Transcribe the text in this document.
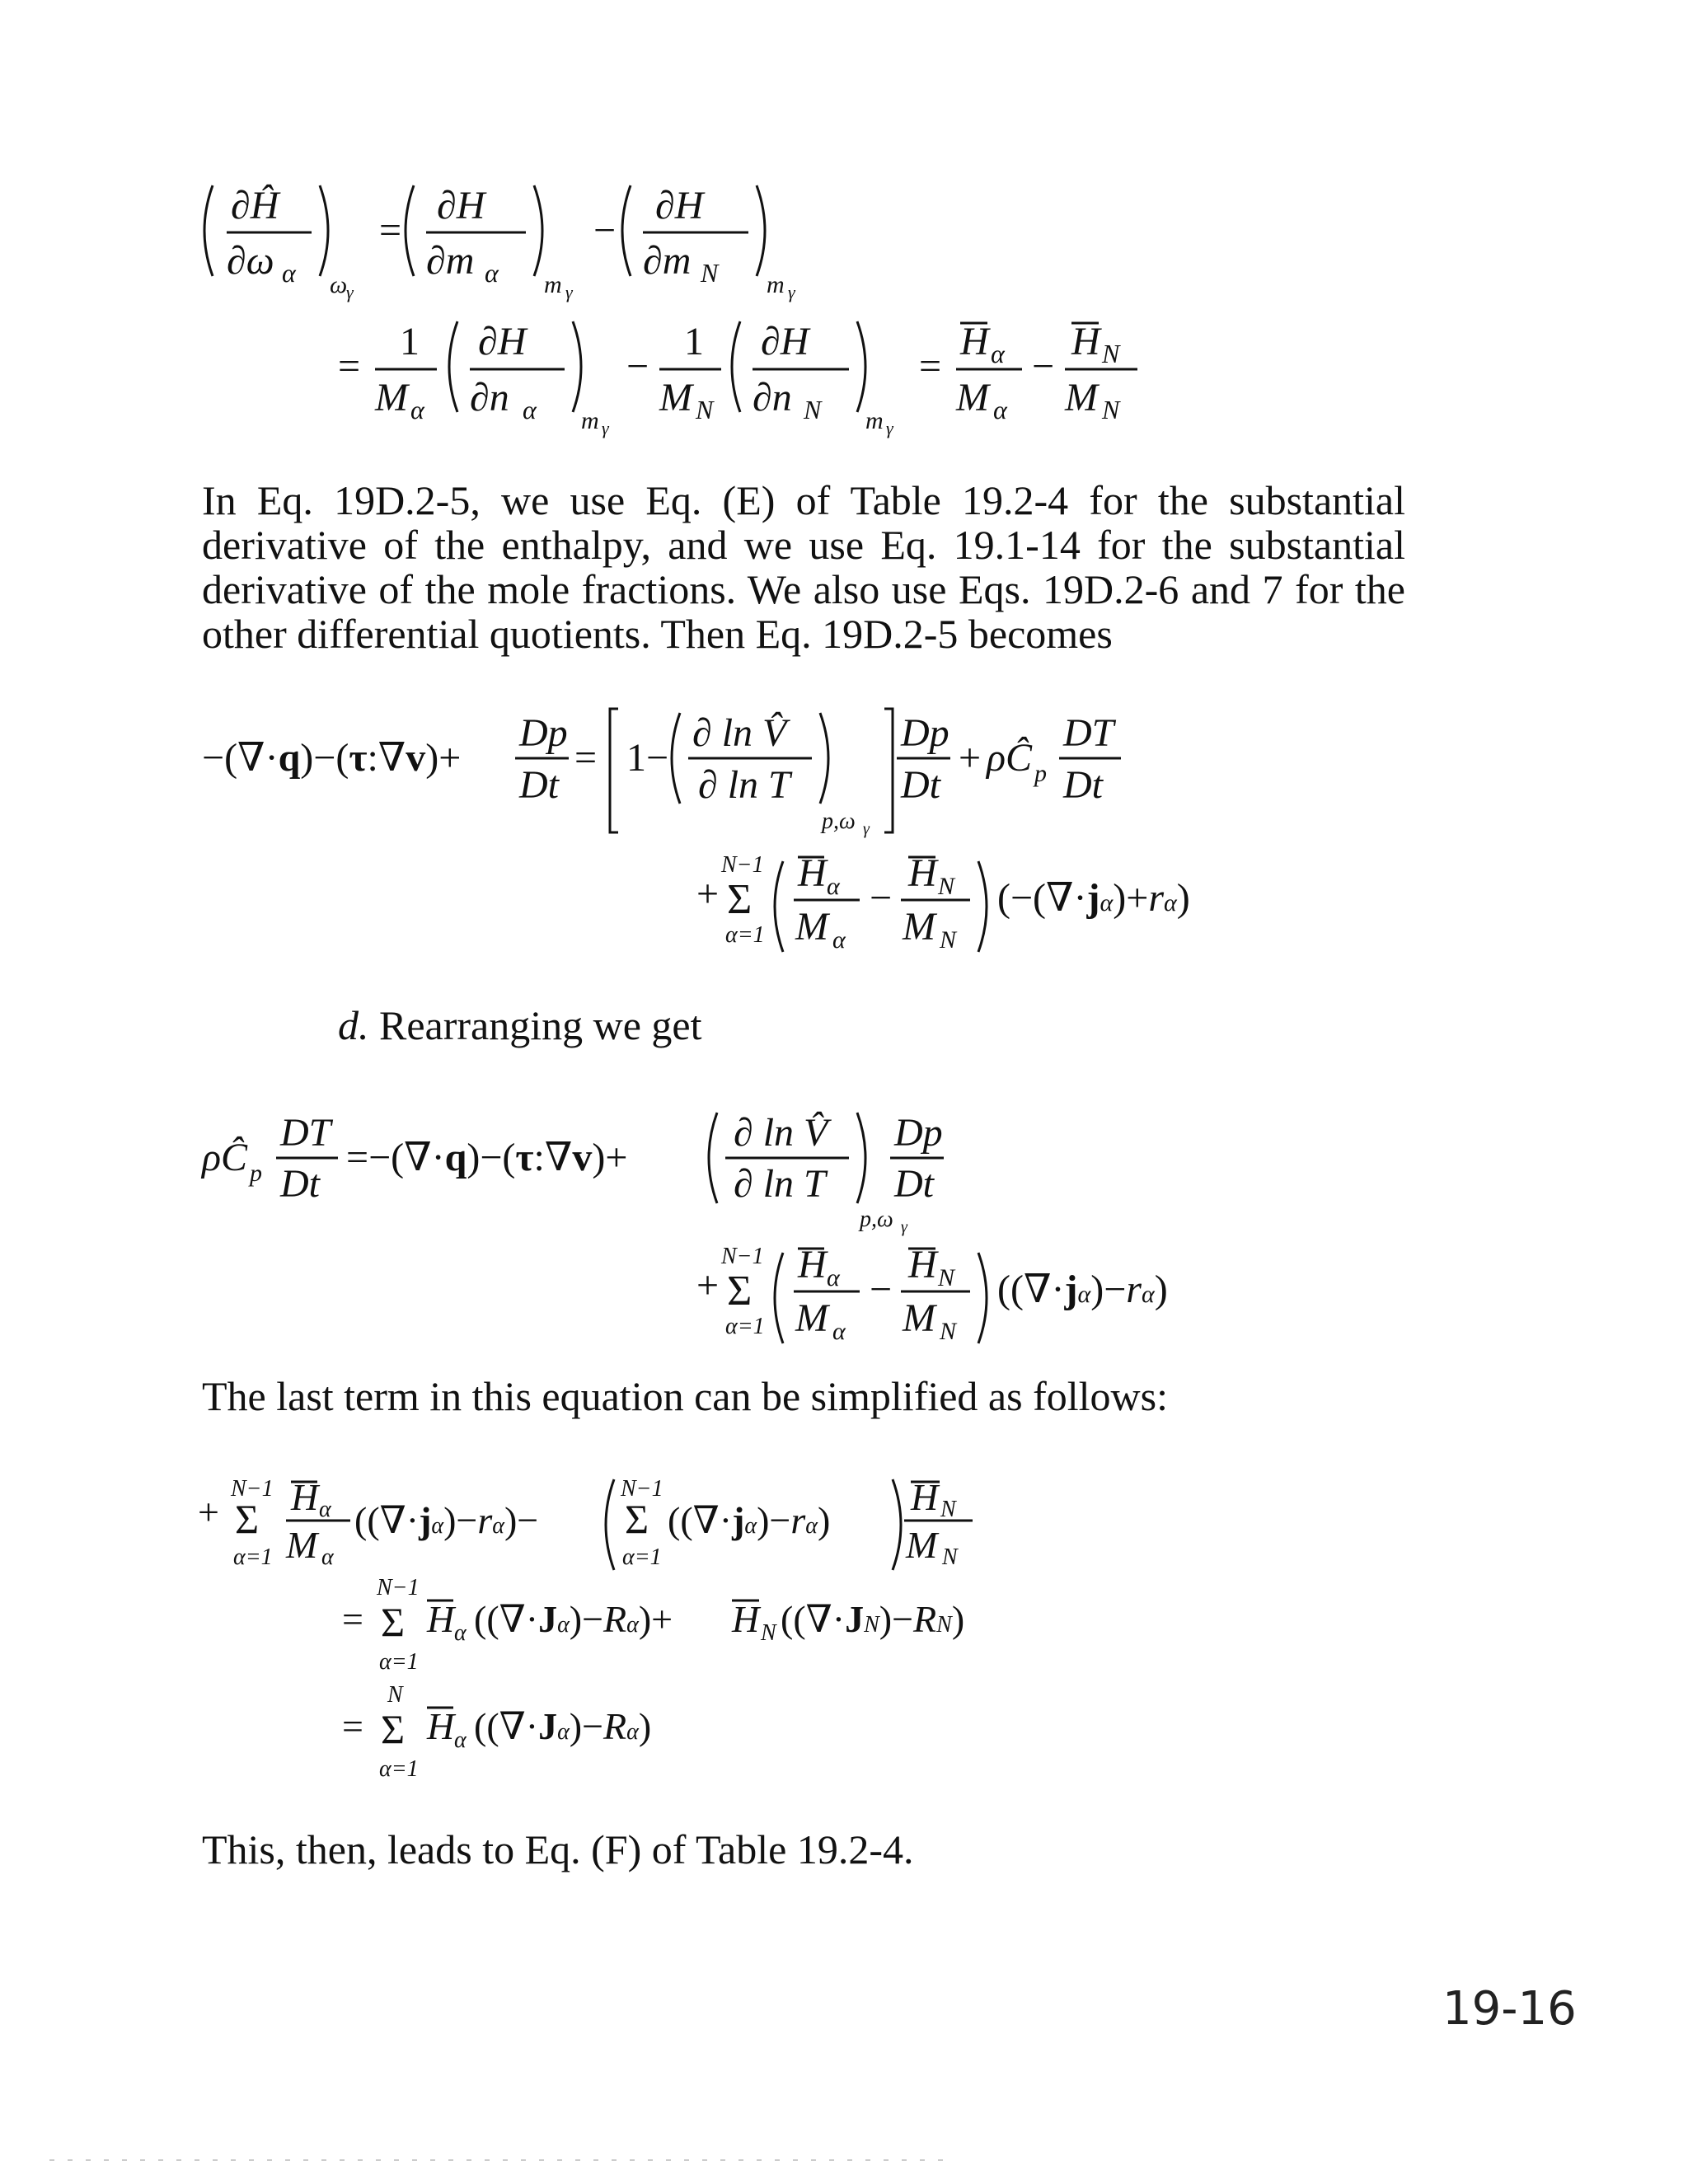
∂Ĥ
∂ω α ω
γ
=
∂H
∂m α m γ
−
∂H
∂m N m γ
=
1
M α
∂H
∂n α m γ
−
1
M N
∂H
∂n N m γ
=
H α
M α
−
H N
M N

In Eq. 19D.2-5, we use Eq. (E) of Table 19.2-4 for the substantial derivative of the enthalpy, and we use Eq. 19.1-14 for the substantial derivative of the mole fractions. We also use Eqs. 19D.2-6 and 7 for the other differential quotients. Then Eq. 19D.2-5 becomes

−(∇·q)−(τ:∇v)+
Dp
Dt
= 1−
∂ ln V̂
∂ ln T
p,ω γ
Dp
Dt
+ ρĈ p
DT
Dt
+
N−1
Σ
α=1
H α
M α
−
H N
M N
(−(∇·jα)+rα)

d. Rearranging we get

ρĈ p
DT
Dt
=−(∇·q)−(τ:∇v)+
∂ ln V̂
∂ ln T
p,ω γ
Dp
Dt
+
N−1
Σ
α=1
H α
M α
−
H N
M N
((∇·jα)−rα)

The last term in this equation can be simplified as follows:

+
N−1
Σ
α=1
H α
M α
((∇·jα)−rα)−
N−1
Σ
α=1
((∇·jα)−rα)
H N
M N
=
N−1
Σ
α=1
H α ((∇·Jα)−Rα)+ H N ((∇·JN)−RN)
=
N
Σ
α=1
H α ((∇·Jα)−Rα)

This, then, leads to Eq. (F) of Table 19.2-4.

19-16
